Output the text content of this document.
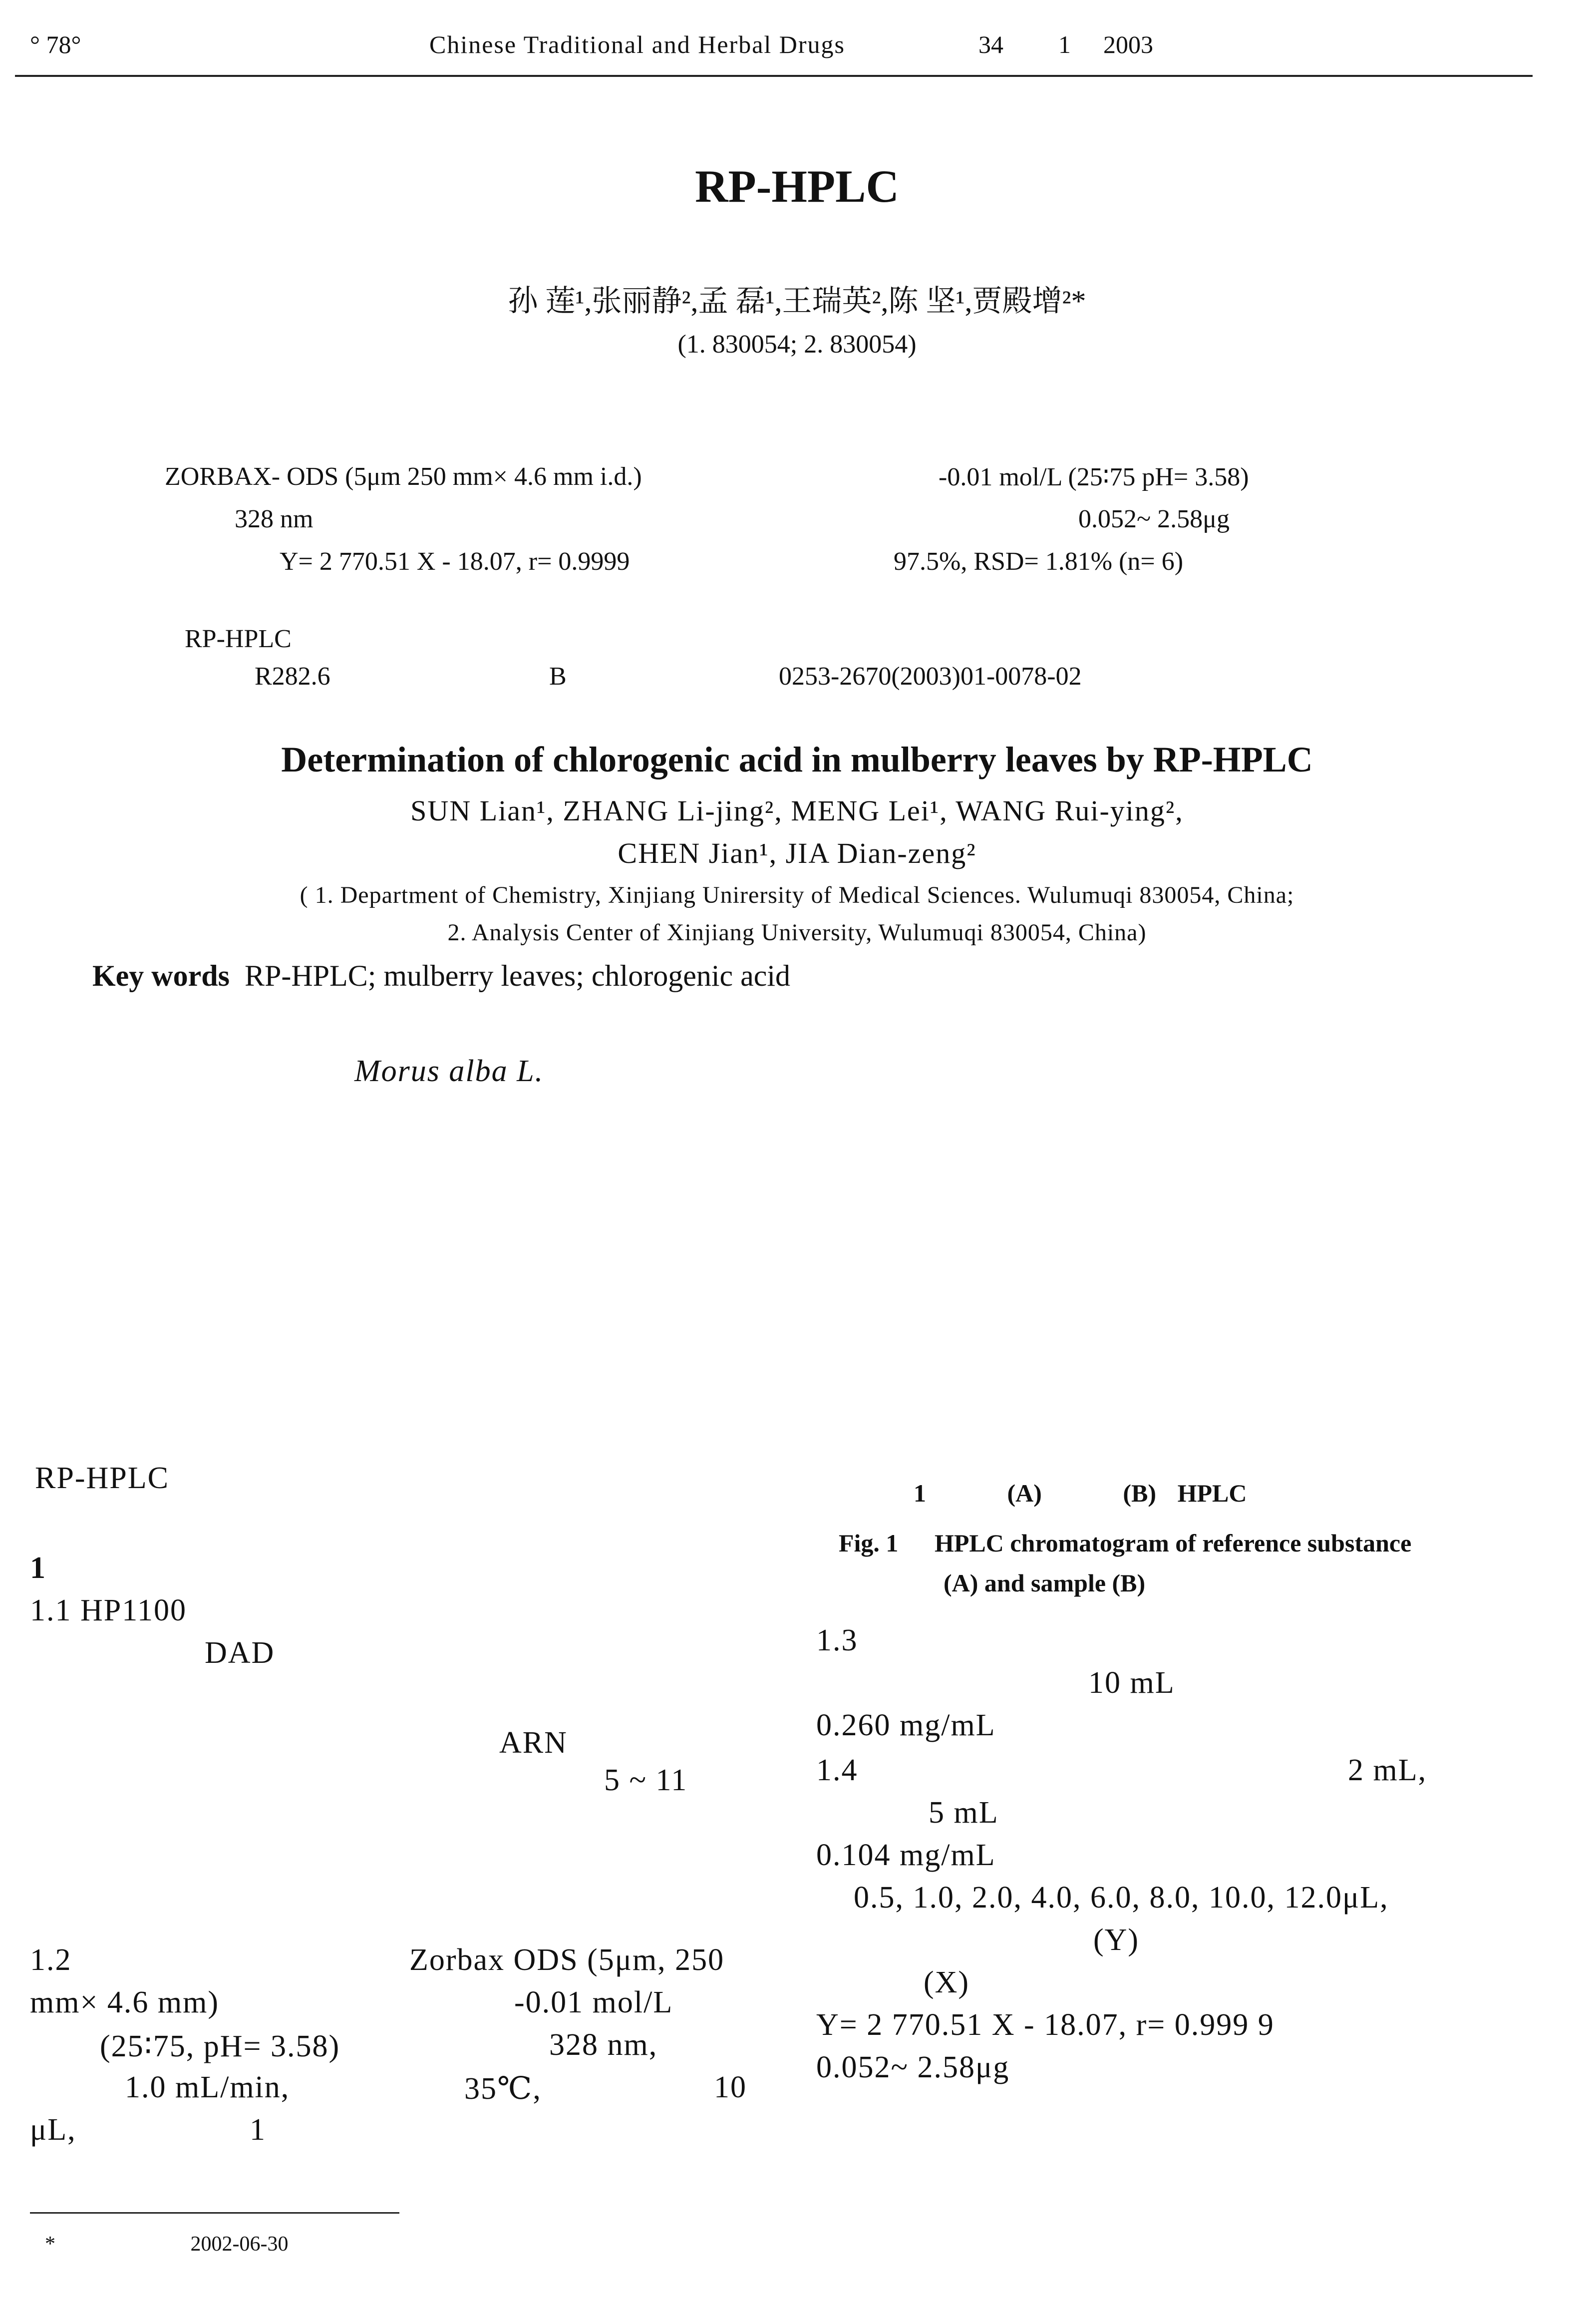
° 78°	Chinese Traditional and Herbal Drugs	34 1 2003
RP-HPLC
孙 莲¹,张丽静²,孟 磊¹,王瑞英²,陈 坚¹,贾殿增²*
(1. 830054; 2. 830054)
ZORBAX- ODS (5μm 250 mm× 4.6 mm i.d.)	-0.01 mol/L (25∶75 pH= 3.58)
328 nm	0.052~ 2.58μg
Y= 2 770.51 X - 18.07, r= 0.9999	97.5%, RSD= 1.81% (n= 6)
RP-HPLC
R282.6	B	0253-2670(2003)01-0078-02
Determination of chlorogenic acid in mulberry leaves by RP-HPLC
SUN Lian¹, ZHANG Li-jing², MENG Lei¹, WANG Rui-ying²,
CHEN Jian¹, JIA Dian-zeng²
( 1. Department of Chemistry, Xinjiang Unirersity of Medical Sciences. Wulumuqi 830054, China;
2. Analysis Center of Xinjiang University, Wulumuqi 830054, China)
Key words RP-HPLC; mulberry leaves; chlorogenic acid
Morus alba L.
RP-HPLC
1
1.1 HP1100
DAD
ARN
5 ~ 11
1.2	Zorbax ODS (5μm, 250
mm× 4.6 mm)	-0.01 mol/L
(25∶75, pH= 3.58)	328 nm,
1.0 mL/min,	35℃,	10
μL,	1
1	(A)	(B) HPLC
Fig. 1 HPLC chromatogram of reference substance
(A) and sample (B)
1.3
10 mL
0.260 mg/mL
1.4	2 mL,
5 mL
0.104 mg/mL
0.5, 1.0, 2.0, 4.0, 6.0, 8.0, 10.0, 12.0μL,
(Y)
(X)
Y= 2 770.51 X - 18.07, r= 0.999 9
0.052~ 2.58μg
*	2002-06-30
